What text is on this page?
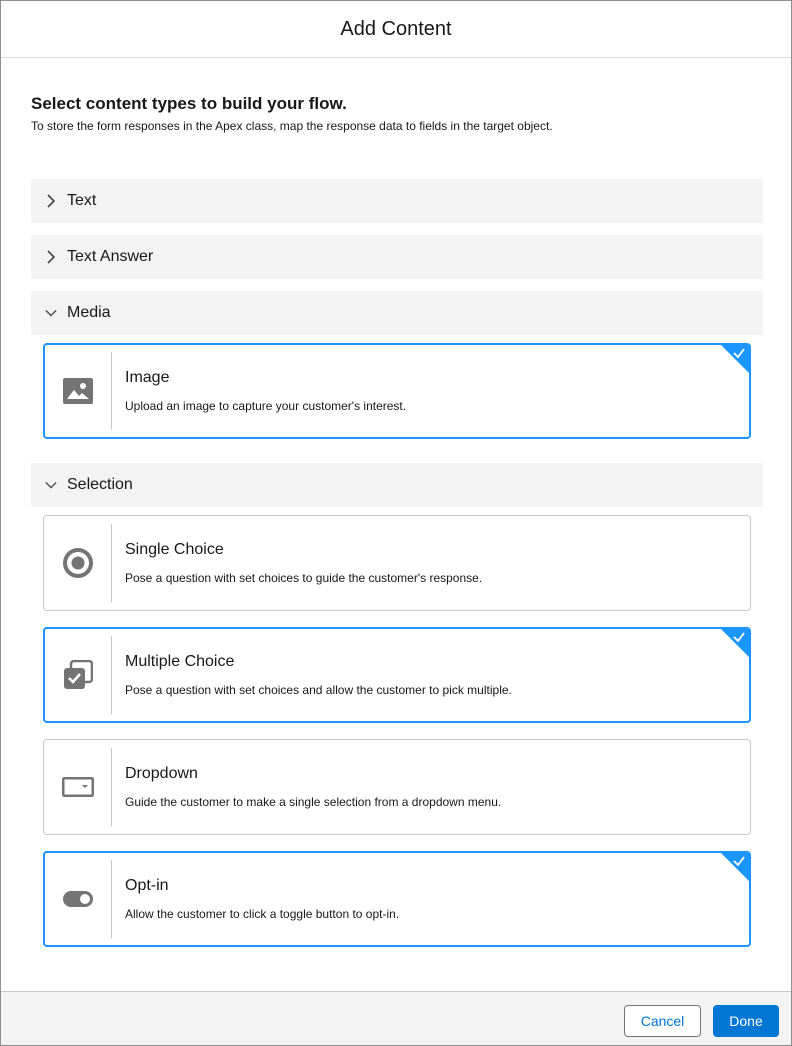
Add Content
Select content types to build your flow.
To store the form responses in the Apex class, map the response data to fields in the target object.
Text
Text Answer
Media
Image
Upload an image to capture your customer's interest.
Selection
Single Choice
Pose a question with set choices to guide the customer's response.
Multiple Choice
Pose a question with set choices and allow the customer to pick multiple.
Dropdown
Guide the customer to make a single selection from a dropdown menu.
Opt-in
Allow the customer to click a toggle button to opt-in.
Cancel	Done
